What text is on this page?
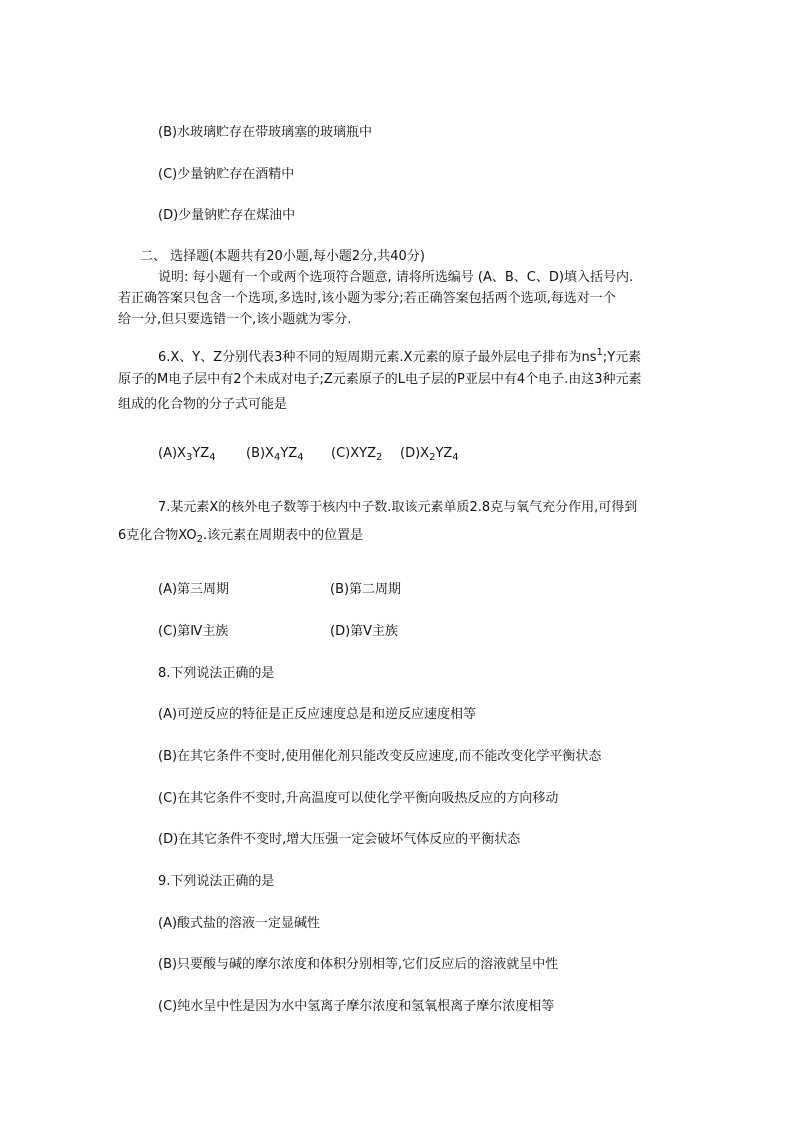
(B)水玻璃贮存在带玻璃塞的玻璃瓶中
(C)少量钠贮存在酒精中
(D)少量钠贮存在煤油中
二、 选择题(本题共有20小题,每小题2分,共40分)
说明: 每小题有一个或两个选项符合题意, 请将所选编号 (A、B、C、D)填入括号内.
若正确答案只包含一个选项,多选时,该小题为零分;若正确答案包括两个选项,每选对一个
给一分,但只要选错一个,该小题就为零分.
6.X、Y、Z分别代表3种不同的短周期元素.X元素的原子最外层电子排布为$ns^1;Y$元素
原子的M电子层中有2个未成对电子;Z元素原子的L电子层的P亚层中有4个电子.由这3种元素
组成的化合物的分子式可能是
$(A)X_3YZ_4$ $(B)X_4YZ_4$ $(C)XYZ_2$ $(D)X_2YZ_4$
7.某元素X的核外电子数等于核内中子数.取该元素单质2.8克与氧气充分作用,可得到
6克化合物$XO_2$.该元素在周期表中的位置是
(A)第三周期	(B)第二周期
(C)第Ⅳ主族	(D)第Ⅴ主族
8.下列说法正确的是
(A)可逆反应的特征是正反应速度总是和逆反应速度相等
(B)在其它条件不变时,使用催化剂只能改变反应速度,而不能改变化学平衡状态
(C)在其它条件不变时,升高温度可以使化学平衡向吸热反应的方向移动
(D)在其它条件不变时,增大压强一定会破坏气体反应的平衡状态
9.下列说法正确的是
(A)酸式盐的溶液一定显碱性
(B)只要酸与碱的摩尔浓度和体积分别相等,它们反应后的溶液就呈中性
(C)纯水呈中性是因为水中氢离子摩尔浓度和氢氧根离子摩尔浓度相等
